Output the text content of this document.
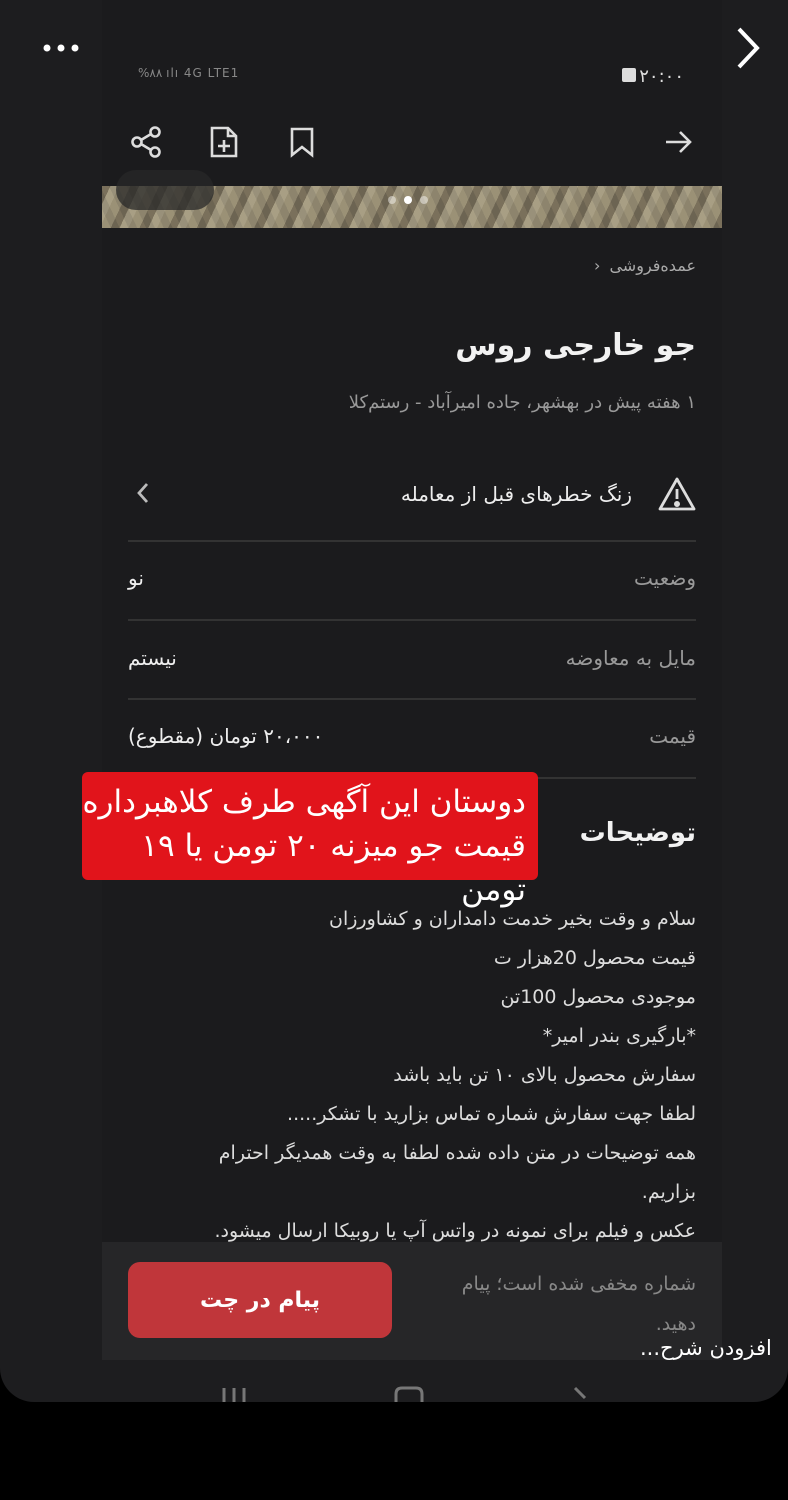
%۸۸ ılı 4G LTE1	۲۰:۰۰
عمده‌فروشی ‹
جو خارجی روس
۱ هفته پیش در بهشهر، جاده امیرآباد - رستم‌کلا
زنگ خطرهای قبل از معامله
وضعیت
نو
مایل به معاوضه
نیستم
قیمت
۲۰،۰۰۰ تومان (مقطوع)
توضیحات
سلام و وقت بخیر خدمت دامداران و کشاورزان
قیمت محصول 20هزار ت
موجودی محصول 100تن
*بارگیری بندر امیر*
سفارش محصول بالای ۱۰ تن باید باشد
لطفا جهت سفارش شماره تماس بزارید با تشکر.....
همه توضیحات در متن داده شده لطفا به وقت همدیگر احترام
بزاریم.
عکس و فیلم برای نمونه در واتس آپ یا روبیکا ارسال میشود.
پیام در چت
شماره مخفی شده است؛ پیام دهید.
دوستان این آگهی طرف کلاهبرداره
قیمت جو میزنه ۲۰ تومن یا ۱۹ تومن
افزودن شرح...
